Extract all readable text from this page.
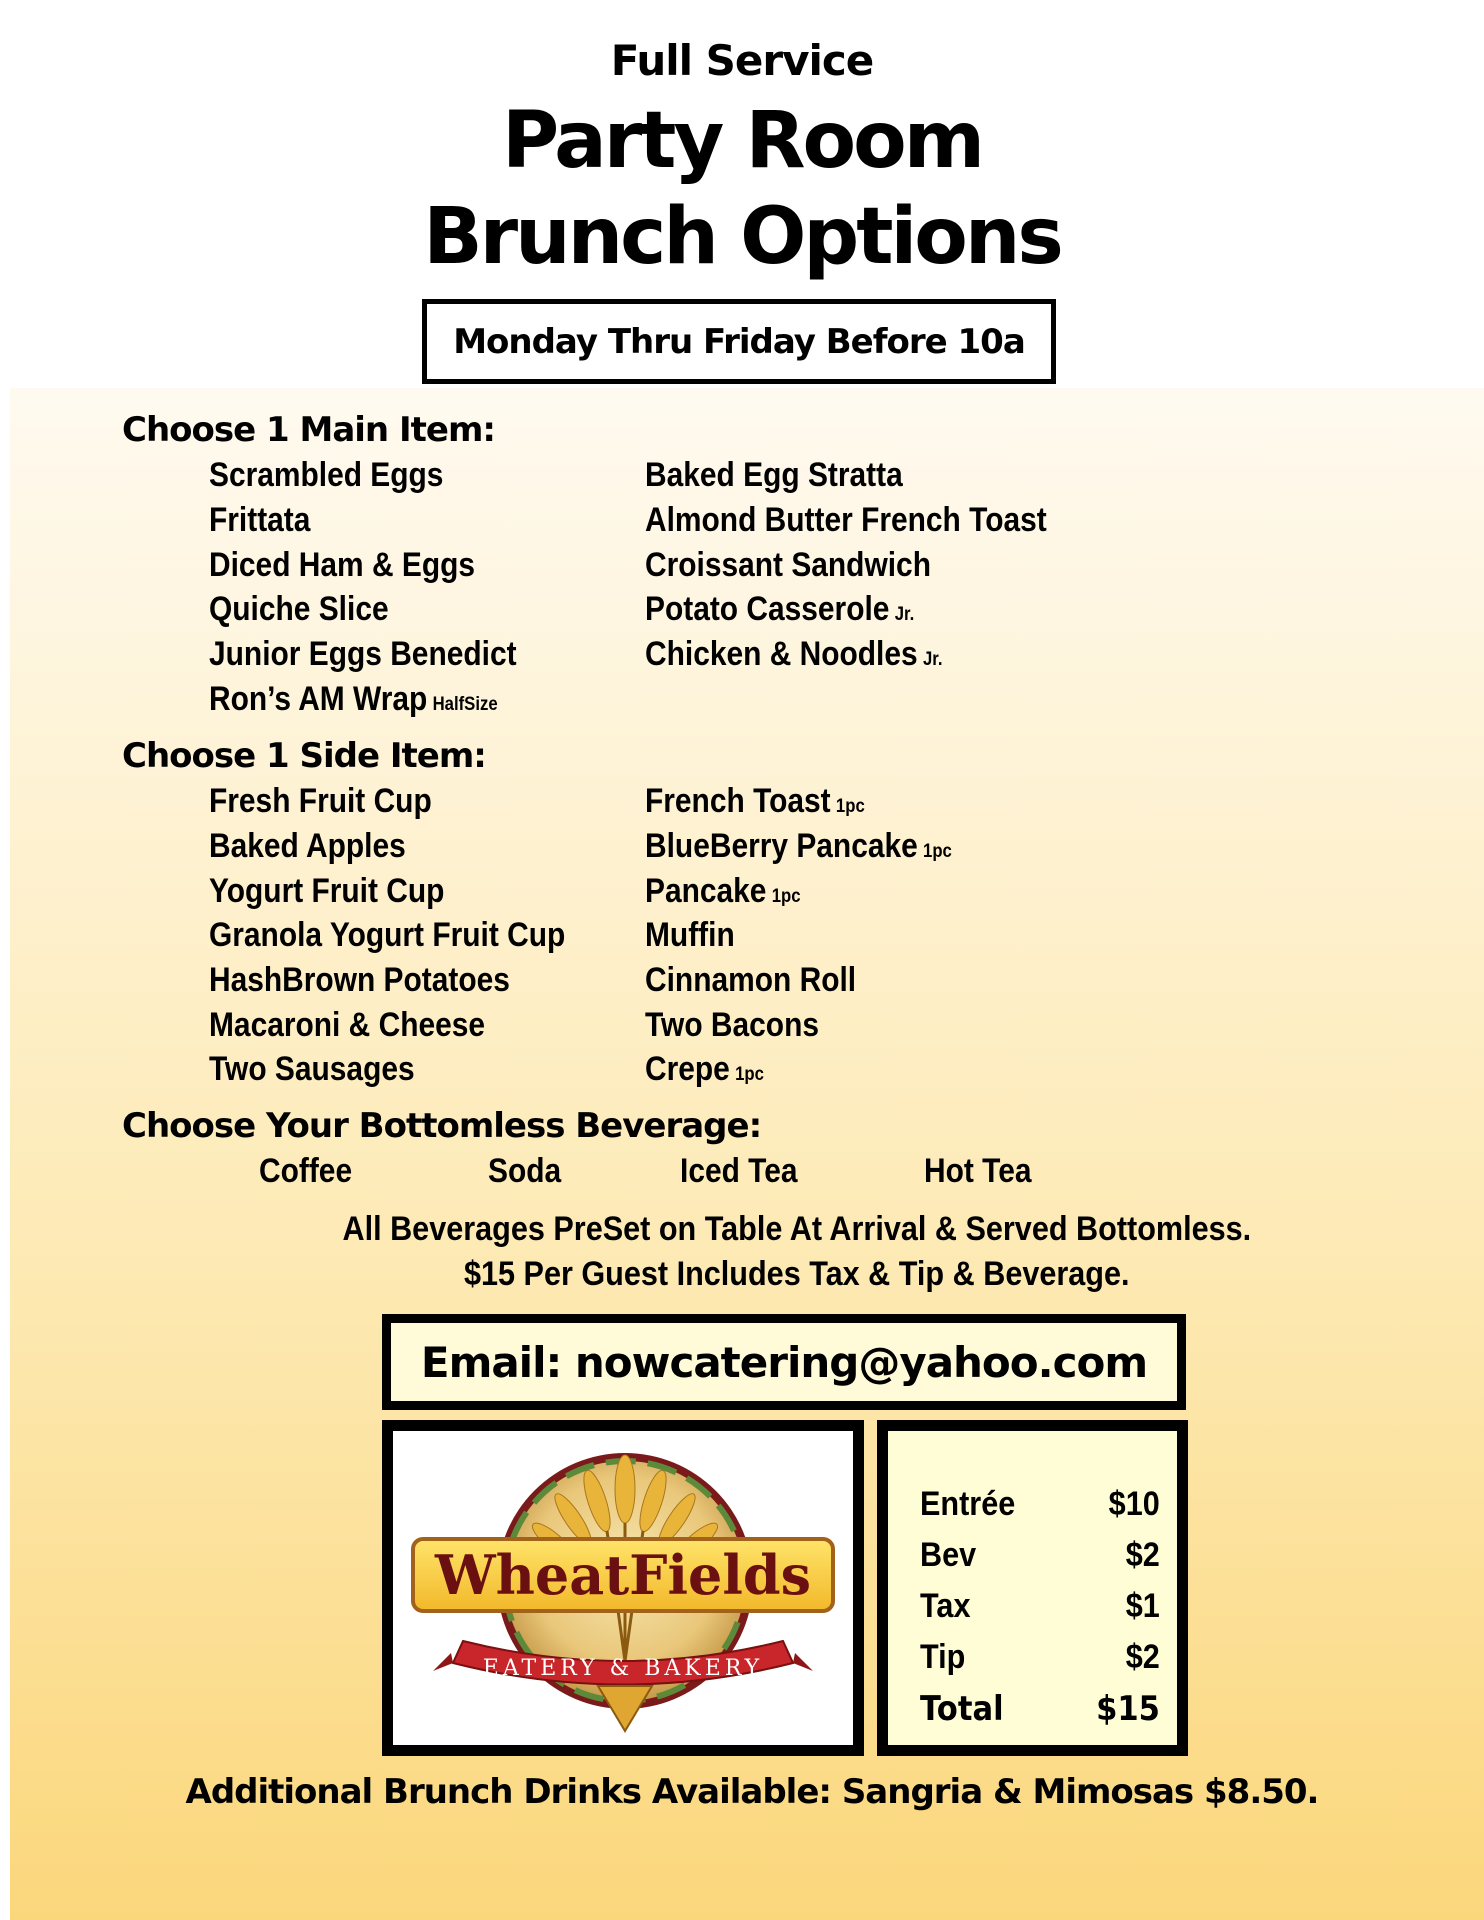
Full Service
Party Room
Brunch Options
Monday Thru Friday Before 10a
Choose 1 Main Item:
Scrambled Eggs
Frittata
Diced Ham & Eggs
Quiche Slice
Junior Eggs Benedict
Ron’s AM Wrap HalfSize
Baked Egg Stratta
Almond Butter French Toast
Croissant Sandwich
Potato Casserole Jr.
Chicken & Noodles Jr.
Choose 1 Side Item:
Fresh Fruit Cup
Baked Apples
Yogurt Fruit Cup
Granola Yogurt Fruit Cup
HashBrown Potatoes
Macaroni & Cheese
Two Sausages
French Toast 1pc
BlueBerry Pancake 1pc
Pancake 1pc
Muffin
Cinnamon Roll
Two Bacons
Crepe 1pc
Choose Your Bottomless Beverage:
Coffee	Soda	Iced Tea	Hot Tea
All Beverages PreSet on Table At Arrival & Served Bottomless.
$15 Per Guest Includes Tax & Tip & Beverage.
Email: nowcatering@yahoo.com
WheatFields
EATERY & BAKERY
Entrée	$10
Bev	$2
Tax	$1
Tip	$2
Total	$15
Additional Brunch Drinks Available: Sangria & Mimosas $8.50.
